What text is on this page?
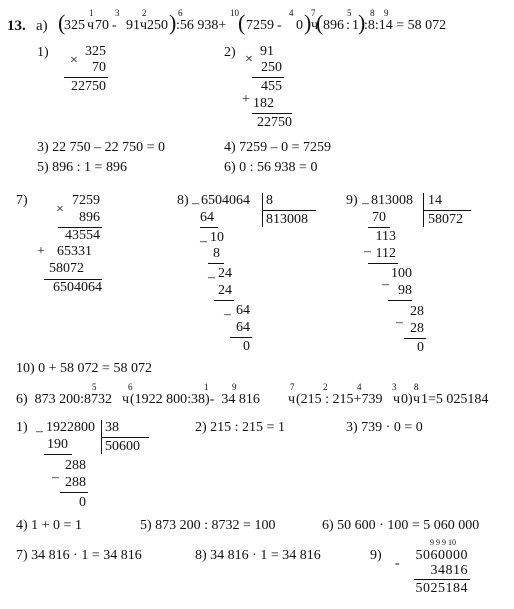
13. а) (
325 ч 70 - 91 ч 250 ) :56 938+ ( 7259 - 0 ) ч
( 896 : 1 )
:8:14 = 58 072
1 3	2	6	10	4 7	5 8 9
1)
×
325
70
22750
2) ×
91
250
455
+ 182
22750
3) 22 750 – 22 750 = 0	4) 7259 – 0 = 7259
5) 896 : 1 = 896	6) 0 : 56 938 = 0
7)
×
7259
896
43554
+ 65331
58072
6504064
8) – 6504064 8
813008
64
– 10
8
– 24
24
– 64
64
0
9) – 813008 14
58072
70
–
113
112
–
100
98
–
28
28
0
10) 0 + 58 072 = 58 072
6)  873 200:8732 ч (1922 800:38)-  34 816 ч (215 : 215+739 ч 0) ч 1=5 025184
5	6	1	9	7	2	4	3 8
1) – 1922800 38
50600
190
–
288
288
0
2) 215 : 215 = 1	3) 739 · 0 = 0
4) 1 + 0 = 1	5) 873 200 : 8732 = 100	6) 50 600 · 100 = 5 060 000
7) 34 816 · 1 = 34 816	8) 34 816 · 1 = 34 816	9)
9 9 9 10
-
5060000
34816
5025184
